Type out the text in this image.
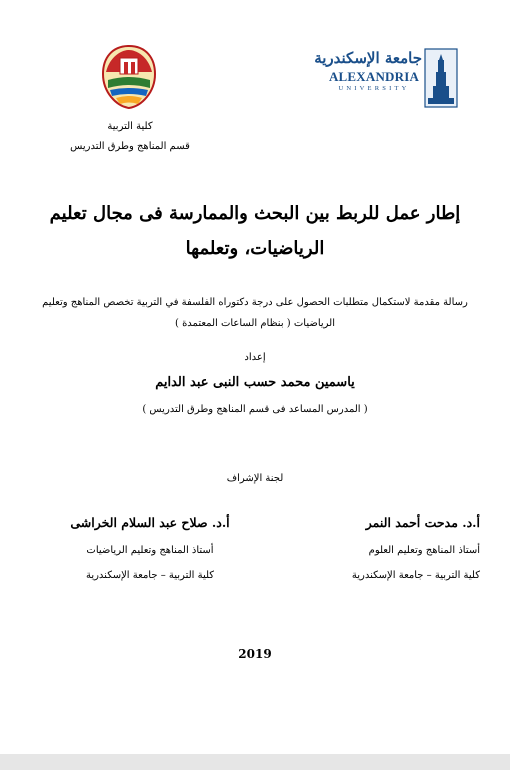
جامعة الإسكندرية
ALEXANDRIA
UNIVERSITY
كلية التربية
قسم المناهج وطرق التدريس
إطار عمل للربط بين البحث والممارسة فى مجال تعليم
الرياضيات، وتعلمها
رسالة مقدمة لاستكمال متطلبات الحصول على درجة دكتوراه الفلسفة في التربية تخصص المناهج وتعليم
الرياضيات ( بنظام الساعات المعتمدة )
إعداد
ياسمين محمد حسب النبى عبد الدايم
( المدرس المساعد فى قسم المناهج وطرق التدريس )
لجنة الإشراف
أ.د. مدحت أحمد النمر
أستاذ المناهج وتعليم العلوم
كلية التربية – جامعة الإسكندرية
أ.د. صلاح عبد السلام الخراشى
أستاذ المناهج وتعليم الرياضيات
كلية التربية – جامعة الإسكندرية
2019
